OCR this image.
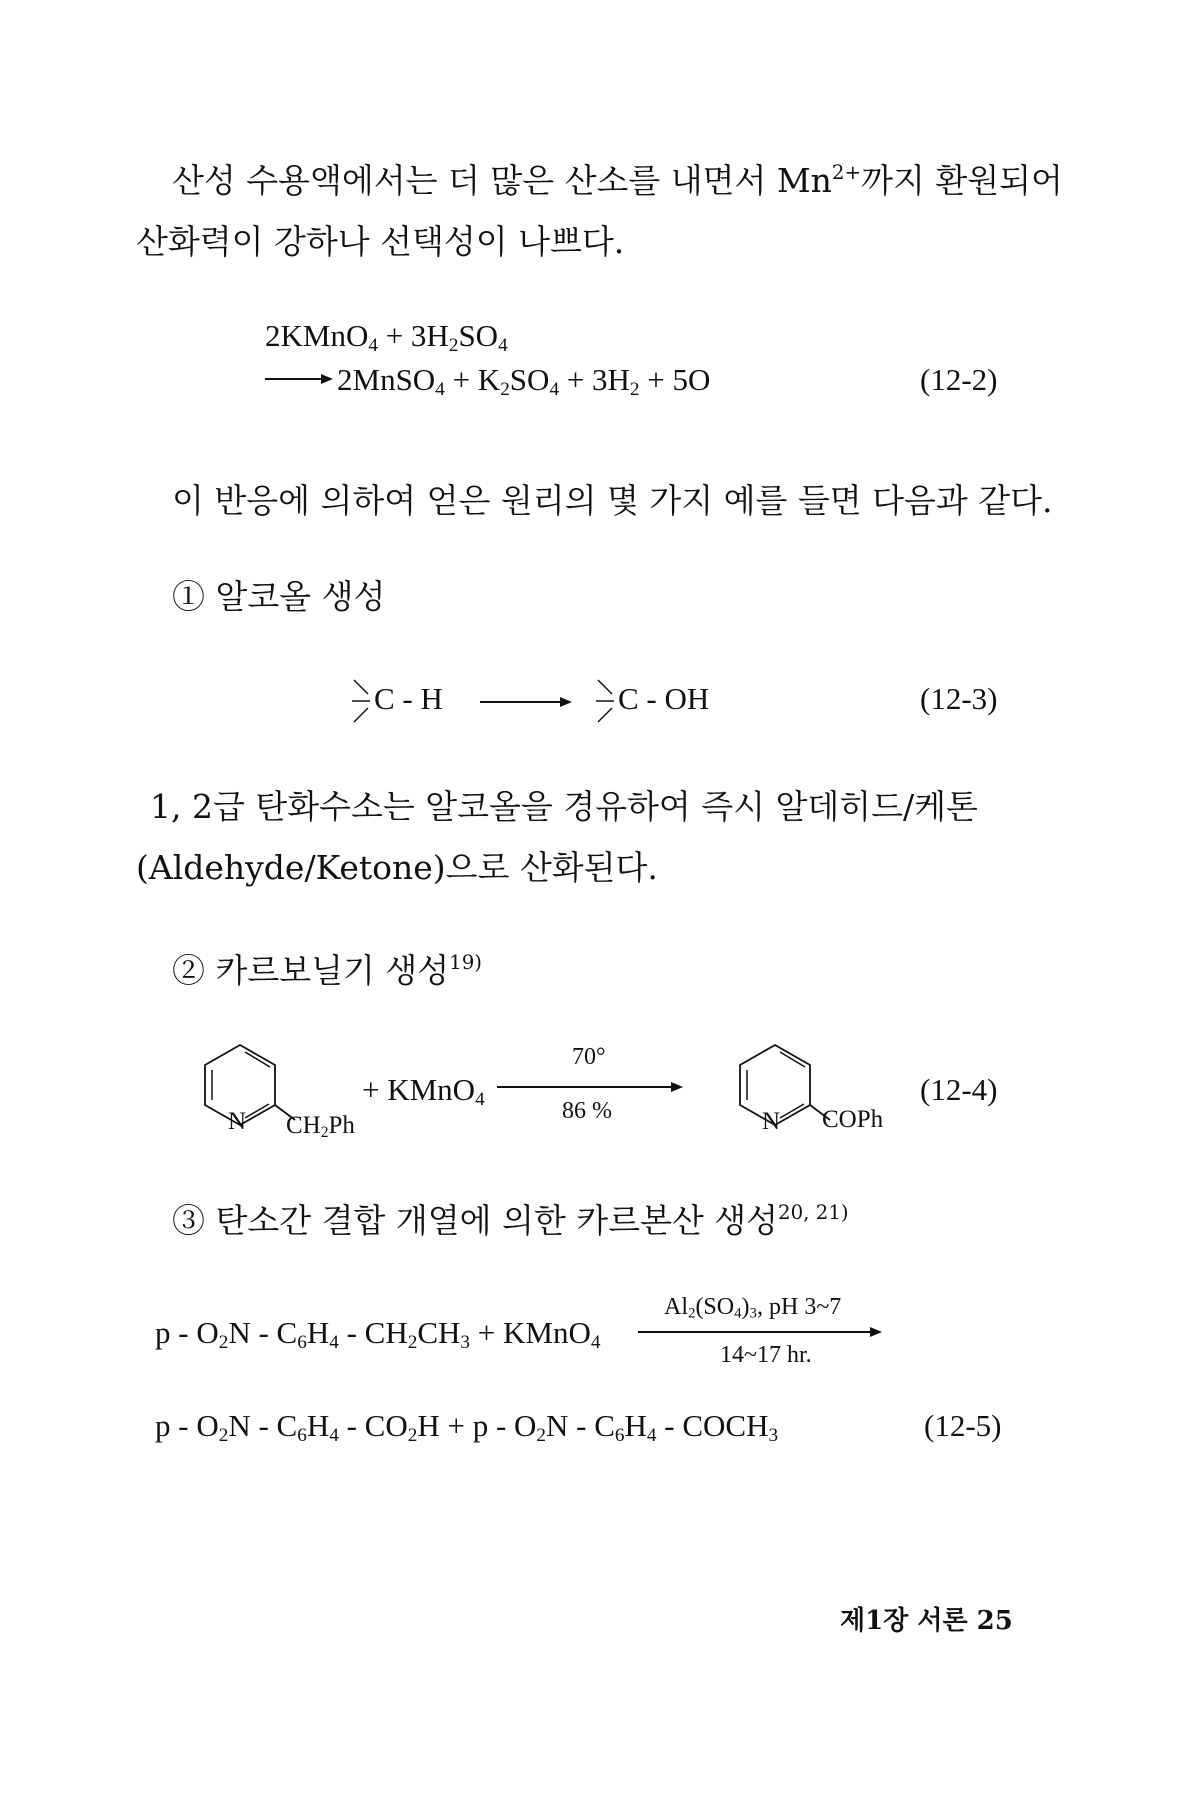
산성 수용액에서는 더 많은 산소를 내면서 $Mn^{2+}$까지 환원되어
산화력이 강하나 선택성이 나쁘다.
2KMnO$_4$ + $3H_2SO_4$
2MnSO$_4$ + $K_2SO_4 + 3H_2 + 5O$	(12-2)
이 반응에 의하여 얻은 원리의 몇 가지 예를 들면 다음과 같다.
① 알코올 생성
C - H	C - OH	(12-3)
1, 2급 탄화수소는 알코올을 경유하여 즉시 알데히드/케톤
(Aldehyde/Ketone)으로 산화된다.
② 카르보닐기 생성$^{19)}$
N $CH_2Ph$
+ KMnO$_4$
70°
86 %	N COPh
(12-4)
③ 탄소간 결합 개열에 의한 카르본산 생성$^{20, 21)}$
p - $O_2N - C_6H_4 - CH_2CH_3$ + KMnO$_4$
$Al_2(SO_4)_3$, pH 3~7
14~17 hr.
$p - O_2N - C_6H_4 - CO_2H + p - O_2N - C_6H_4$ - $COCH_3$	(12-5)
제1장 서론 25
